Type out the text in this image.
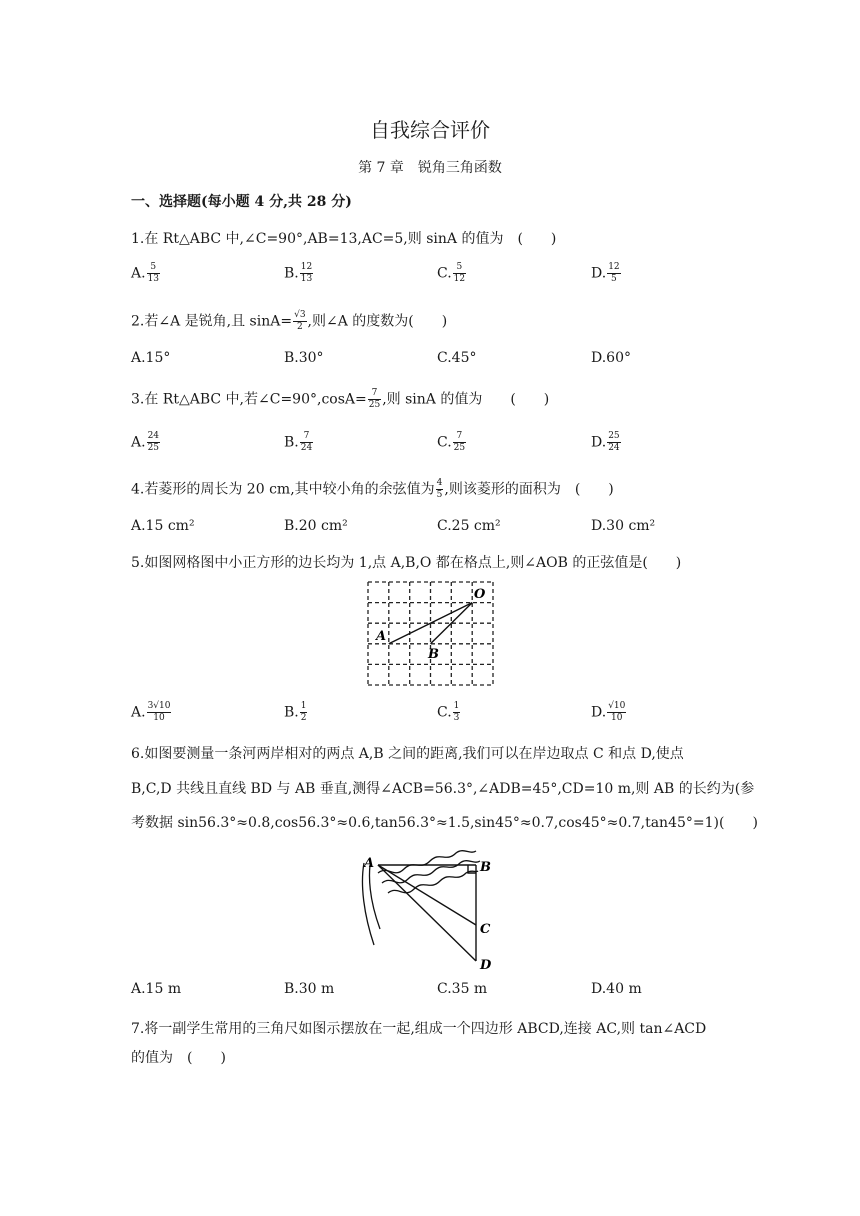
自我综合评价
第 7 章　锐角三角函数
一、选择题(每小题 4 分,共 28 分)
1.在 Rt△ABC 中,∠C=90°,AB=13,AC=5,则 sinA 的值为　(　　)
A. $\frac{5}{13}$	B. $\frac{12}{13}$	C. $\frac{5}{12}$	D. $\frac{12}{5}$
2.若∠A 是锐角,且 $\sin A= \frac{√3}{2}$ ,则∠A 的度数为(　　)
A.15°	B.30°	C.45°	D.60°
3.在 Rt△ABC 中,若∠C=90°,cosA= $\frac{7}{25}$ ,则 sinA 的值为　　(　　)
A. $\frac{24}{25}$	B. $\frac{7}{24}$	C. $\frac{7}{25}$	D. $\frac{25}{24}$
4.若菱形的周长为 20 cm,其中较小角的余弦值为 $\frac{4}{5}$ ,则该菱形的面积为　(　　)
A.15 cm²	B.20 cm²	C.25 cm²	D.30 cm²
5.如图网格图中小正方形的边长均为 1,点 A,B,O 都在格点上,则∠AOB 的正弦值是(　　)
O
A
B
A. $\frac{3√10}{10}$	B. $\frac{1}{2}$	C. $\frac{1}{3}$	D. $\frac{√10}{10}$
6.如图要测量一条河两岸相对的两点 A,B 之间的距离,我们可以在岸边取点 C 和点 D,使点
B,C,D 共线且直线 BD 与 AB 垂直,测得∠ACB=56.3°,∠ADB=45°,CD=10 m,则 AB 的长约为(参
考数据 sin56.3°≈0.8,cos56.3°≈0.6,tan56.3°≈1.5,sin45°≈0.7,cos45°≈0.7,tan45°=1)(　　)
A	B
C
D
A.15 m	B.30 m	C.35 m	D.40 m
7.将一副学生常用的三角尺如图示摆放在一起,组成一个四边形 ABCD,连接 AC,则 tan∠ACD
的值为　(　　)
